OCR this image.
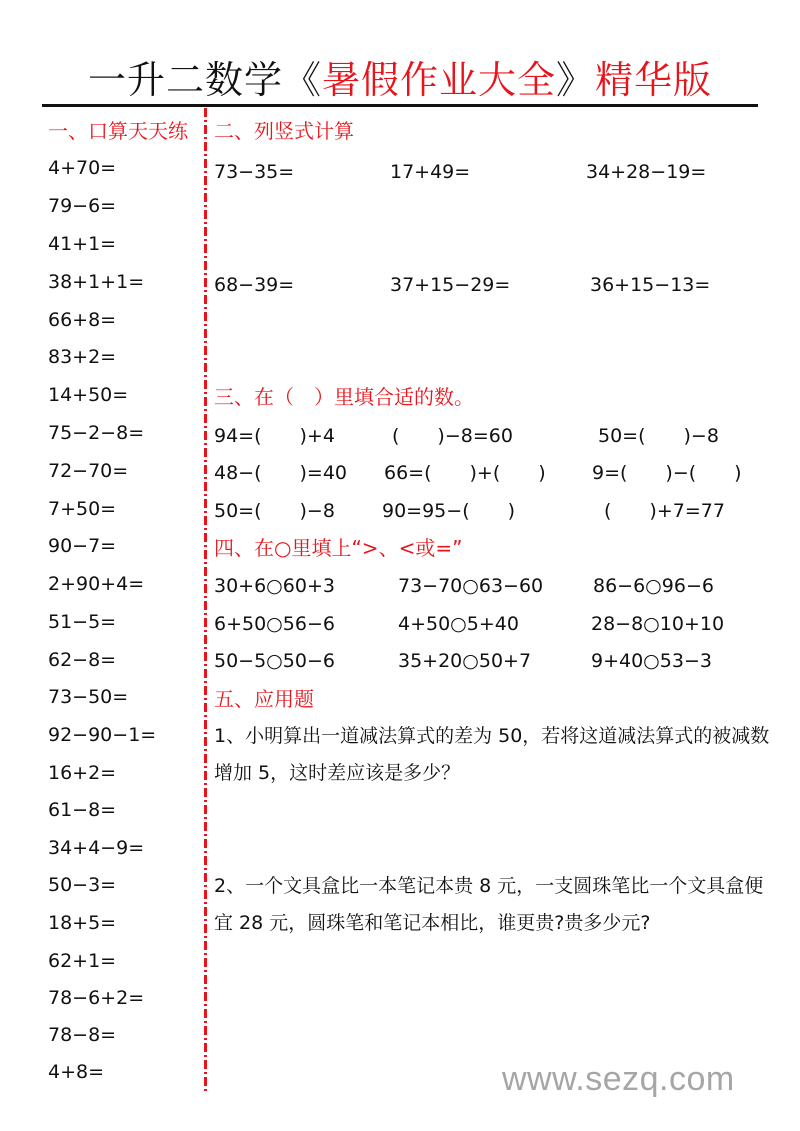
一升二数学《暑假作业大全》精华版
一、口算天天练
4+70=
79−6=
41+1=
38+1+1=
66+8=
83+2=
14+50=
75−2−8=
72−70=
7+50=
90−7=
2+90+4=
51−5=
62−8=
73−50=
92−90−1=
16+2=
61−8=
34+4−9=
50−3=
18+5=
62+1=
78−6+2=
78−8=
4+8=
二、列竖式计算
73−35=	17+49=	34+28−19=
68−39=	37+15−29=	36+15−13=
三、在（　）里填合适的数。
94=(　　)+4	(　　)−8=60	50=(　　)−8
48−(　　)=40 66=(　　)+(　　) 9=(　　)−(　　)
50=(　　)−8 90=95−(　　)	(　　)+7=77
四、在○里填上“>、<或=”
30+6○60+3	73−70○63−60	86−6○96−6
6+50○56−6	4+50○5+40	28−8○10+10
50−5○50−6	35+20○50+7	9+40○53−3
五、应用题
1、小明算出一道减法算式的差为 50，若将这道减法算式的被减数增加 5，这时差应该是多少？
2、一个文具盒比一本笔记本贵 8 元，一支圆珠笔比一个文具盒便宜 28 元，圆珠笔和笔记本相比，谁更贵?贵多少元?
www.sezq.com
